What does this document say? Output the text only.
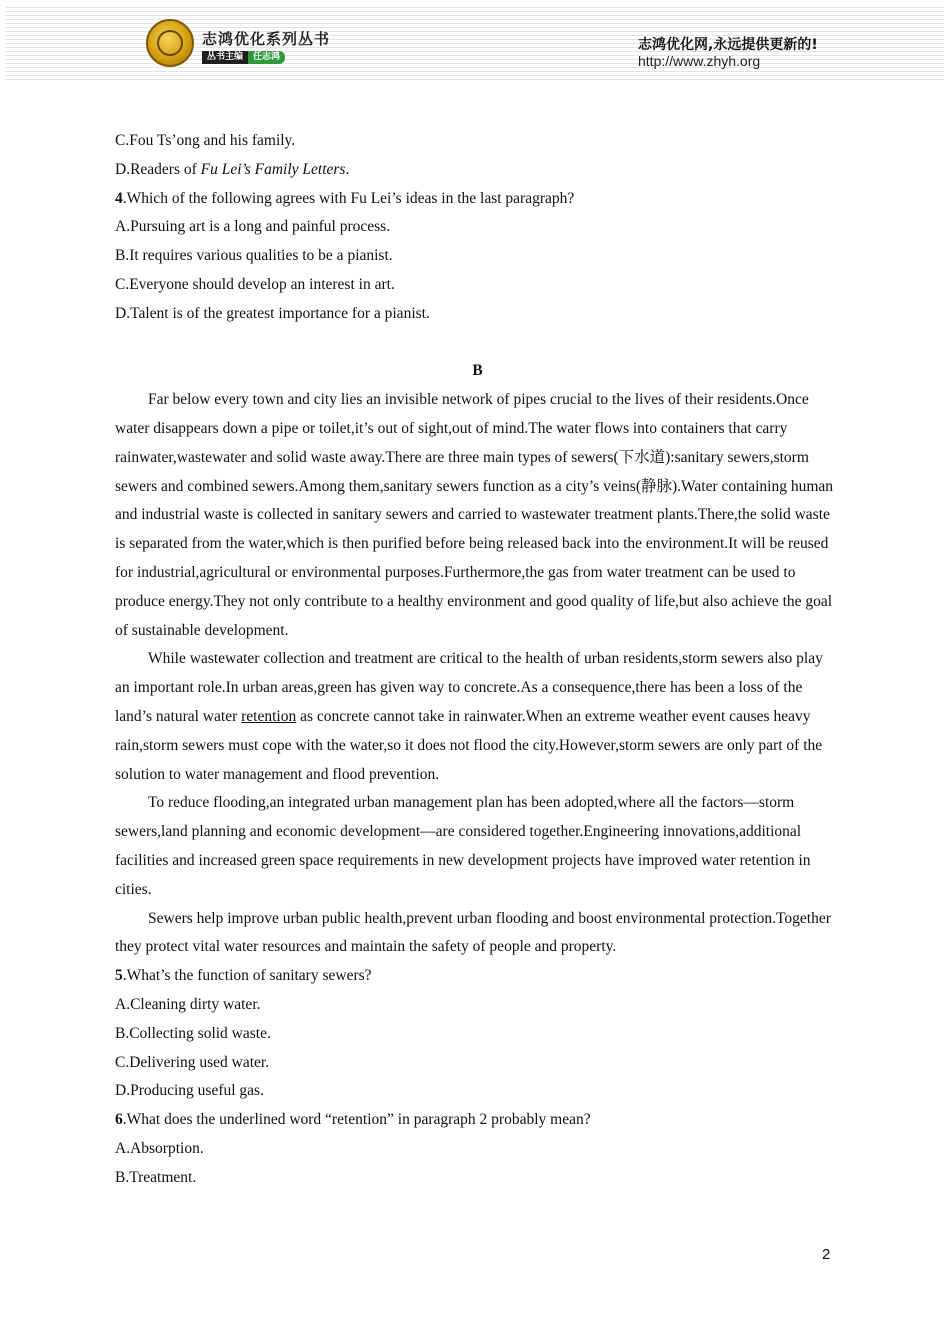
志鸿优化系列丛书
丛书主编	任志鸿
志鸿优化网,永远提供更新的!
http://www.zhyh.org

C.Fou Ts’ong and his family.

D.Readers of Fu Lei’s Family Letters.

4.Which of the following agrees with Fu Lei’s ideas in the last paragraph?

A.Pursuing art is a long and painful process.

B.It requires various qualities to be a pianist.

C.Everyone should develop an interest in art.

D.Talent is of the greatest importance for a pianist.

B

Far below every town and city lies an invisible network of pipes crucial to the lives of their residents.Once water disappears down a pipe or toilet,it’s out of sight,out of mind.The water flows into containers that carry rainwater,wastewater and solid waste away.There are three main types of sewers(下水道):sanitary sewers,storm sewers and combined sewers.Among them,sanitary sewers function as a city’s veins(静脉).Water containing human and industrial waste is collected in sanitary sewers and carried to wastewater treatment plants.There,the solid waste is separated from the water,which is then purified before being released back into the environment.It will be reused for industrial,agricultural or environmental purposes.Furthermore,the gas from water treatment can be used to produce energy.They not only contribute to a healthy environment and good quality of life,but also achieve the goal of sustainable development.

While wastewater collection and treatment are critical to the health of urban residents,storm sewers also play an important role.In urban areas,green has given way to concrete.As a consequence,there has been a loss of the land’s natural water retention as concrete cannot take in rainwater.When an extreme weather event causes heavy rain,storm sewers must cope with the water,so it does not flood the city.However,storm sewers are only part of the solution to water management and flood prevention.

To reduce flooding,an integrated urban management plan has been adopted,where all the factors—storm sewers,land planning and economic development—are considered together.Engineering innovations,additional facilities and increased green space requirements in new development projects have improved water retention in cities.

Sewers help improve urban public health,prevent urban flooding and boost environmental protection.Together they protect vital water resources and maintain the safety of people and property.

5.What’s the function of sanitary sewers?

A.Cleaning dirty water.

B.Collecting solid waste.

C.Delivering used water.

D.Producing useful gas.

6.What does the underlined word “retention” in paragraph 2 probably mean?

A.Absorption.

B.Treatment.

2
